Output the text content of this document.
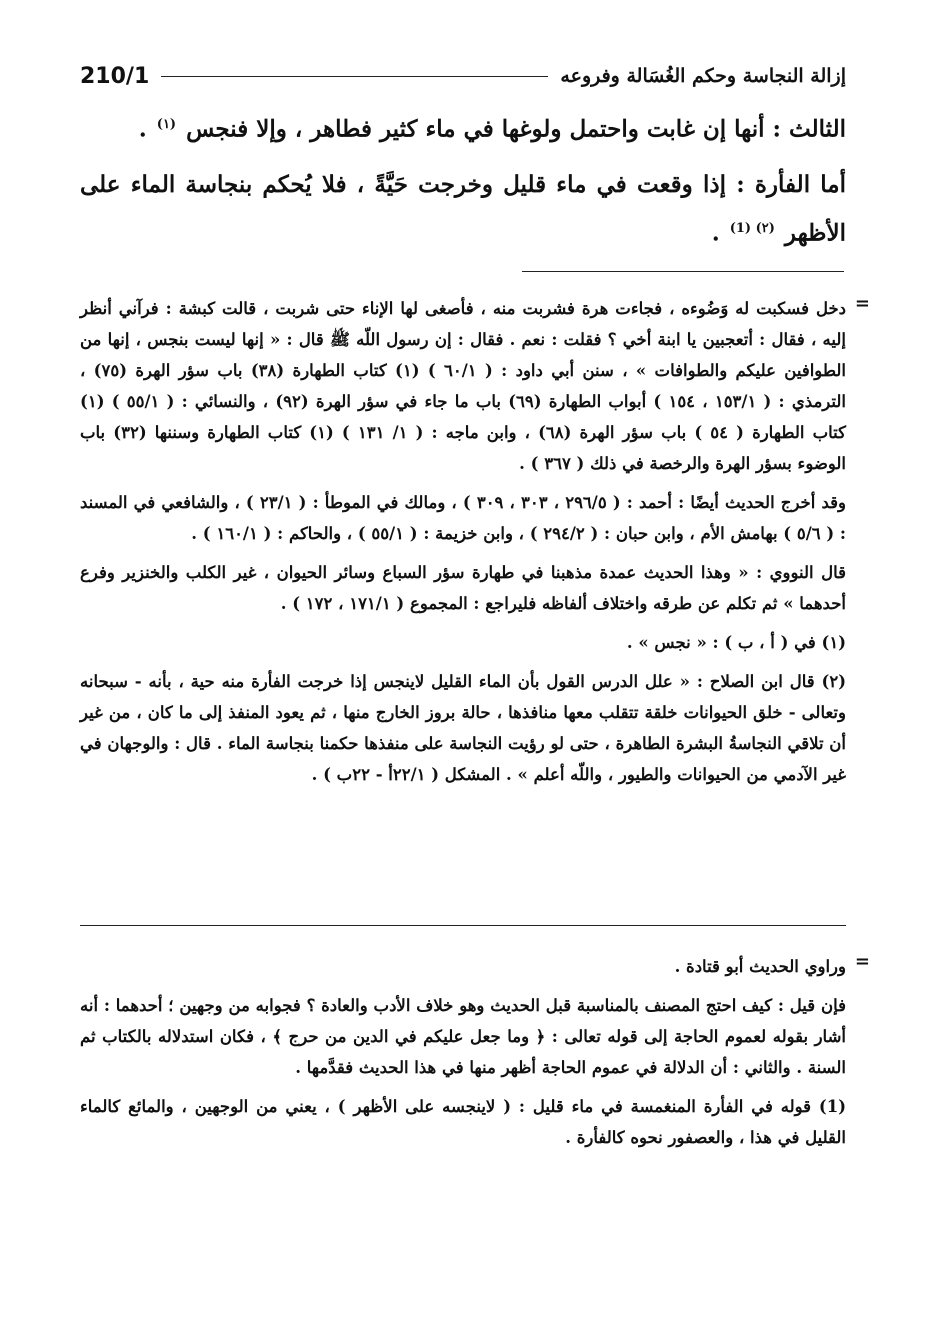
210/1	إزالة النجاسة وحكم الغُسَالة وفروعه

الثالث : أنها إن غابت واحتمل ولوغها في ماء كثير فطاهر ، وإلا فنجس $^{(١)}$ .

أما الفأرة : إذا وقعت في ماء قليل وخرجت حَيَّةً ، فلا يُحكم بنجاسة الماء على الأظهر $^{(٢) (1)}$ .

=

دخل فسكبت له وَضُوءه ، فجاءت هرة فشربت منه ، فأصغى لها الإناء حتى شربت ، قالت كبشة : فرآني أنظر إليه ، فقال : أتعجبين يا ابنة أخي ؟ فقلت : نعم . فقال : إن رسول اللّه ﷺ قال : « إنها ليست بنجس ، إنها من الطوافين عليكم والطوافات » ، سنن أبي داود : ( ٦٠/١ ) (١) كتاب الطهارة (٣٨) باب سؤر الهرة (٧٥) ، الترمذي : ( ١٥٣/١ ، ١٥٤ ) أبواب الطهارة (٦٩) باب ما جاء في سؤر الهرة (٩٢) ، والنسائي : ( ٥٥/١ ) (١) كتاب الطهارة ( ٥٤ ) باب سؤر الهرة (٦٨) ، وابن ماجه : ( ١/ ١٣١ ) (١) كتاب الطهارة وسننها (٣٢) باب الوضوء بسؤر الهرة والرخصة في ذلك ( ٣٦٧ ) .

وقد أخرج الحديث أيضًا : أحمد : ( ٢٩٦/٥ ، ٣٠٣ ، ٣٠٩ ) ، ومالك في الموطأ : ( ٢٣/١ ) ، والشافعي في المسند : ( ٥/٦ ) بهامش الأم ، وابن حبان : ( ٢٩٤/٢ ) ، وابن خزيمة : ( ٥٥/١ ) ، والحاكم : ( ١٦٠/١ ) .

قال النووي : « وهذا الحديث عمدة مذهبنا في طهارة سؤر السباع وسائر الحيوان ، غير الكلب والخنزير وفرع أحدهما » ثم تكلم عن طرقه واختلاف ألفاظه فليراجع : المجموع ( ١٧١/١ ، ١٧٢ ) .

(١) في ( أ ، ب ) : « نجس » .

(٢) قال ابن الصلاح : « علل الدرس القول بأن الماء القليل لاينجس إذا خرجت الفأرة منه حية ، بأنه - سبحانه وتعالى - خلق الحيوانات خلقة تتقلب معها منافذها ، حالة بروز الخارج منها ، ثم يعود المنفذ إلى ما كان ، من غير أن تلاقي النجاسةُ البشرة الطاهرة ، حتى لو رؤيت النجاسة على منفذها حكمنا بنجاسة الماء . قال : والوجهان في غير الآدمي من الحيوانات والطيور ، واللّه أعلم » . المشكل ( ٢٢/١أ - ٢٢ب ) .

=

وراوي الحديث أبو قتادة .

فإن قيل : كيف احتج المصنف بالمناسبة قبل الحديث وهو خلاف الأدب والعادة ؟ فجوابه من وجهين ؛ أحدهما : أنه أشار بقوله لعموم الحاجة إلى قوله تعالى : ﴿ وما جعل عليكم في الدين من حرج ﴾ ، فكان استدلاله بالكتاب ثم السنة . والثاني : أن الدلالة في عموم الحاجة أظهر منها في هذا الحديث فقدَّمها .

(1) قوله في الفأرة المنغمسة في ماء قليل : ( لاينجسه على الأظهر ) ، يعني من الوجهين ، والمائع كالماء القليل في هذا ، والعصفور نحوه كالفأرة .
